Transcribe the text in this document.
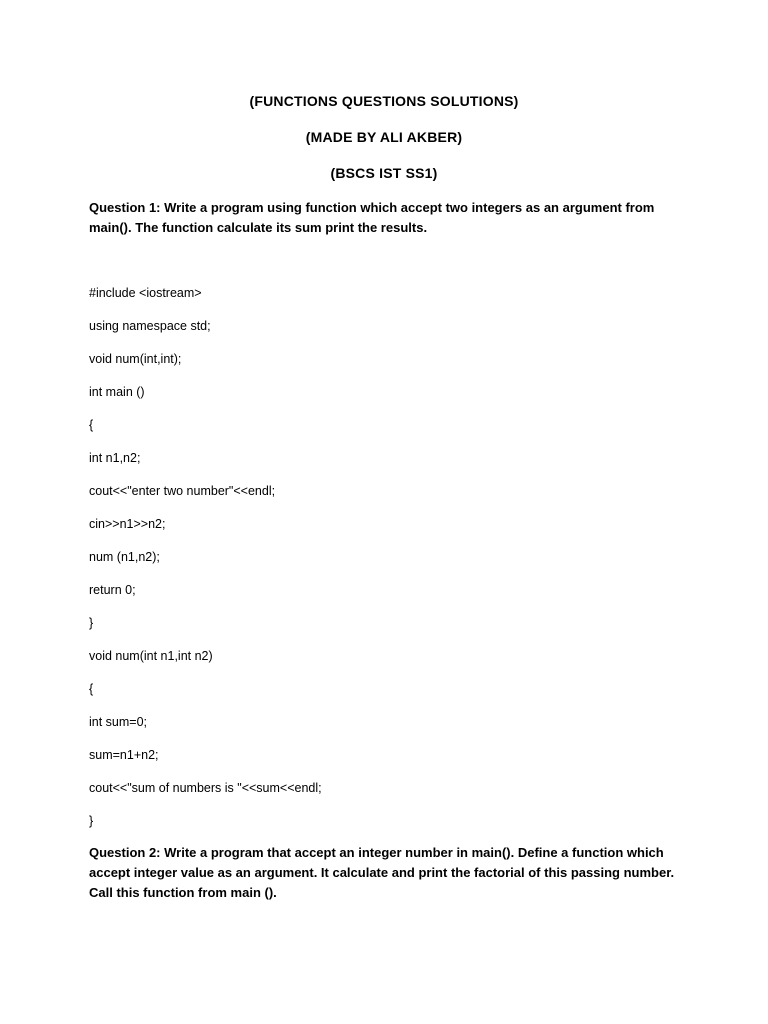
(FUNCTIONS QUESTIONS SOLUTIONS)
(MADE BY ALI AKBER)
(BSCS IST SS1)
Question 1: Write a program using function which accept two integers as an argument from main(). The function calculate its sum print the results.
#include <iostream>
using namespace std;
void num(int,int);
int main ()
{
int n1,n2;
cout<<"enter two number"<<endl;
cin>>n1>>n2;
num (n1,n2);
return 0;
}
void num(int n1,int n2)
{
int sum=0;
sum=n1+n2;
cout<<"sum of numbers is "<<sum<<endl;
}
Question 2: Write a program that accept an integer number in main(). Define a function which accept integer value as an argument. It calculate and print the factorial of this passing number. Call this function from main ().
